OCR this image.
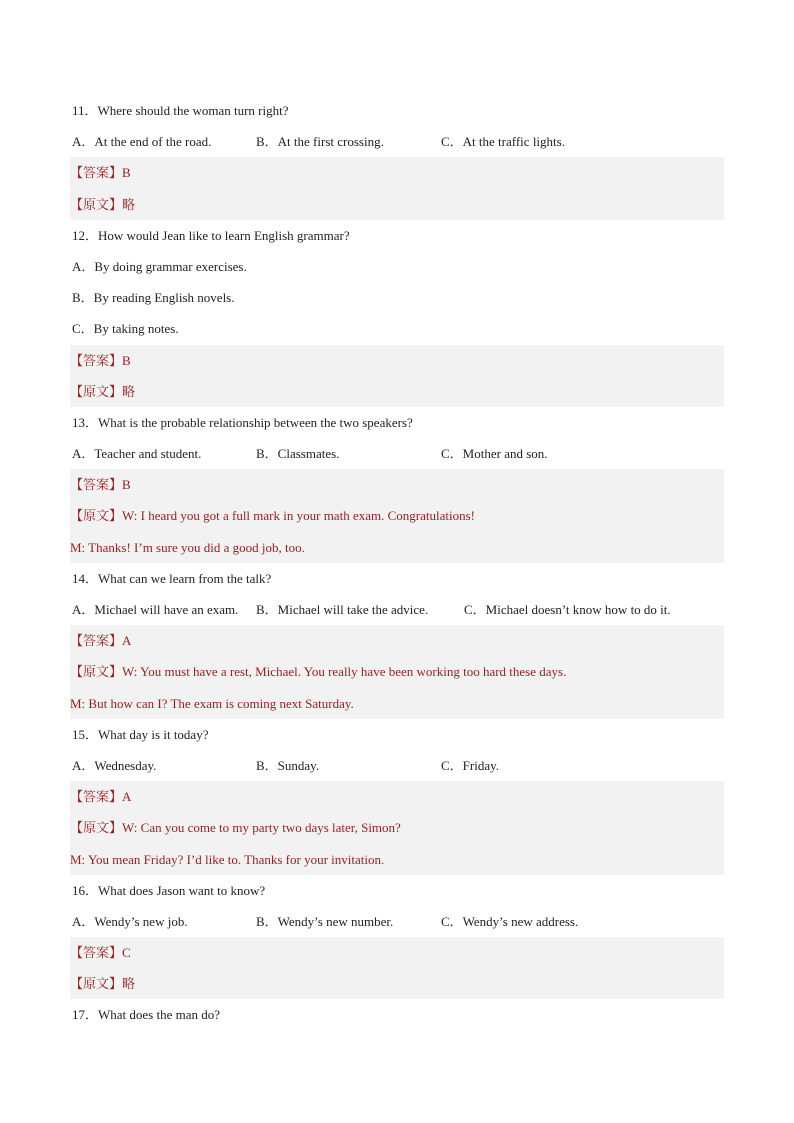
11．Where should the woman turn right?
A．At the end of the road.	B．At the first crossing.	C．At the traffic lights.
【答案】B
【原文】略
12．How would Jean like to learn English grammar?
A．By doing grammar exercises.
B．By reading English novels.
C．By taking notes.
【答案】B
【原文】略
13．What is the probable relationship between the two speakers?
A．Teacher and student.	B．Classmates.	C．Mother and son.
【答案】B
【原文】W: I heard you got a full mark in your math exam. Congratulations!
M: Thanks! I’m sure you did a good job, too.
14．What can we learn from the talk?
A．Michael will have an exam. B．Michael will take the advice.	C．Michael doesn’t know how to do it.
【答案】A
【原文】W: You must have a rest, Michael. You really have been working too hard these days.
M: But how can I? The exam is coming next Saturday.
15．What day is it today?
A．Wednesday.	B．Sunday.	C．Friday.
【答案】A
【原文】W: Can you come to my party two days later, Simon?
M: You mean Friday? I’d like to. Thanks for your invitation.
16．What does Jason want to know?
A．Wendy’s new job.	B．Wendy’s new number.	C．Wendy’s new address.
【答案】C
【原文】略
17．What does the man do?
